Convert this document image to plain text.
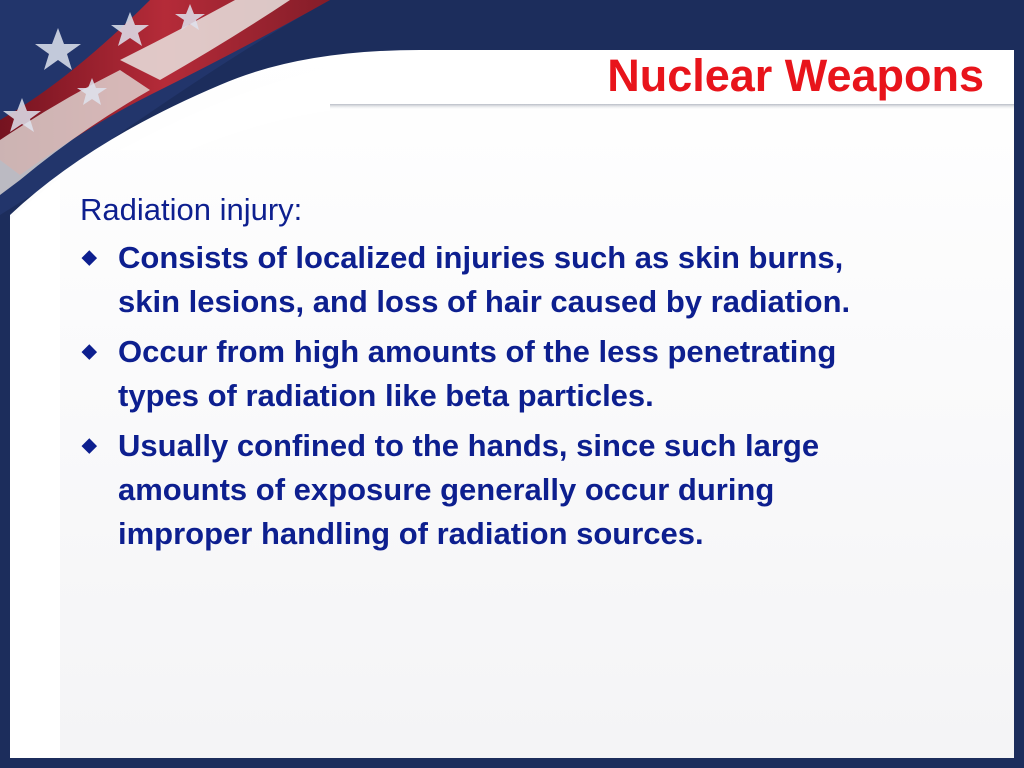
Nuclear Weapons

Radiation injury:

◆ Consists of localized injuries such as skin burns, skin lesions, and loss of hair caused by radiation.
◆ Occur from high amounts of the less penetrating types of radiation like beta particles.
◆ Usually confined to the hands, since such large amounts of exposure generally occur during improper handling of radiation sources.
